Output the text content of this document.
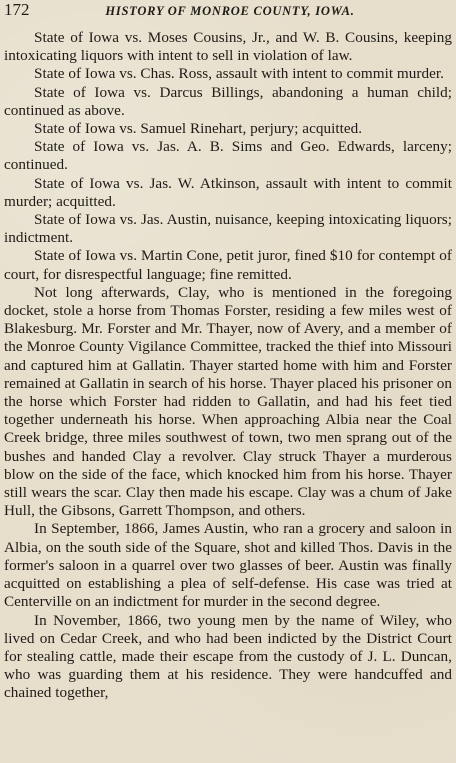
172	HISTORY OF MONROE COUNTY, IOWA.

State of Iowa vs. Moses Cousins, Jr., and W. B. Cousins, keeping intoxicating liquors with intent to sell in violation of law.

State of Iowa vs. Chas. Ross, assault with intent to commit murder.

State of Iowa vs. Darcus Billings, abandoning a human child; continued as above.

State of Iowa vs. Samuel Rinehart, perjury; acquitted.

State of Iowa vs. Jas. A. B. Sims and Geo. Edwards, larceny; continued.

State of Iowa vs. Jas. W. Atkinson, assault with intent to commit murder; acquitted.

State of Iowa vs. Jas. Austin, nuisance, keeping intoxicating liquors; indictment.

State of Iowa vs. Martin Cone, petit juror, fined $10 for contempt of court, for disrespectful language; fine remitted.

Not long afterwards, Clay, who is mentioned in the foregoing docket, stole a horse from Thomas Forster, residing a few miles west of Blakesburg. Mr. Forster and Mr. Thayer, now of Avery, and a member of the Monroe County Vigilance Committee, tracked the thief into Missouri and captured him at Gallatin. Thayer started home with him and Forster remained at Gallatin in search of his horse. Thayer placed his prisoner on the horse which Forster had ridden to Gallatin, and had his feet tied together underneath his horse. When approaching Albia near the Coal Creek bridge, three miles southwest of town, two men sprang out of the bushes and handed Clay a revolver. Clay struck Thayer a murderous blow on the side of the face, which knocked him from his horse. Thayer still wears the scar. Clay then made his escape. Clay was a chum of Jake Hull, the Gibsons, Garrett Thompson, and others.

In September, 1866, James Austin, who ran a grocery and saloon in Albia, on the south side of the Square, shot and killed Thos. Davis in the former's saloon in a quarrel over two glasses of beer. Austin was finally acquitted on establishing a plea of self-defense. His case was tried at Centerville on an indictment for murder in the second degree.

In November, 1866, two young men by the name of Wiley, who lived on Cedar Creek, and who had been indicted by the District Court for stealing cattle, made their escape from the custody of J. L. Duncan, who was guarding them at his residence. They were handcuffed and chained together,
